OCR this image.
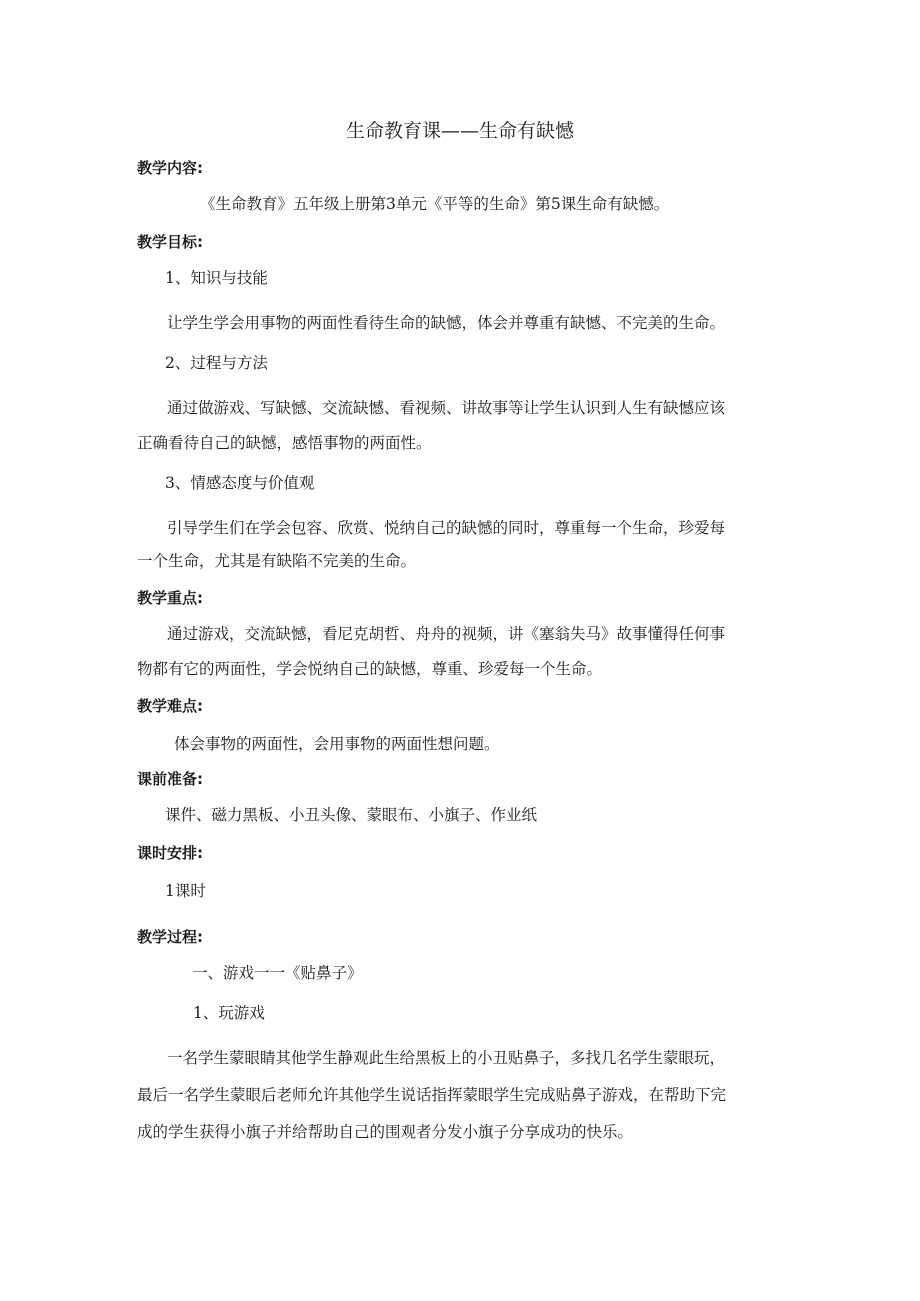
生命教育课——生命有缺憾
教学内容:
《生命教育》五年级上册第3单元《平等的生命》第5课生命有缺憾。
教学目标:
1、知识与技能
让学生学会用事物的两面性看待生命的缺憾，体会并尊重有缺憾、不完美的生命。
2、过程与方法
通过做游戏、写缺憾、交流缺憾、看视频、讲故事等让学生认识到人生有缺憾应该
正确看待自己的缺憾，感悟事物的两面性。
3、情感态度与价值观
引导学生们在学会包容、欣赏、悦纳自己的缺憾的同时，尊重每一个生命，珍爱每
一个生命，尤其是有缺陷不完美的生命。
教学重点:
通过游戏，交流缺憾，看尼克胡哲、舟舟的视频，讲《塞翁失马》故事懂得任何事
物都有它的两面性，学会悦纳自己的缺憾，尊重、珍爱每一个生命。
教学难点:
体会事物的两面性，会用事物的两面性想问题。
课前准备:
课件、磁力黑板、小丑头像、蒙眼布、小旗子、作业纸
课时安排:
1课时
教学过程:
一、游戏一一《贴鼻子》
1、玩游戏
一名学生蒙眼睛其他学生静观此生给黑板上的小丑贴鼻子，多找几名学生蒙眼玩，
最后一名学生蒙眼后老师允许其他学生说话指挥蒙眼学生完成贴鼻子游戏，在帮助下完
成的学生获得小旗子并给帮助自己的围观者分发小旗子分享成功的快乐。
